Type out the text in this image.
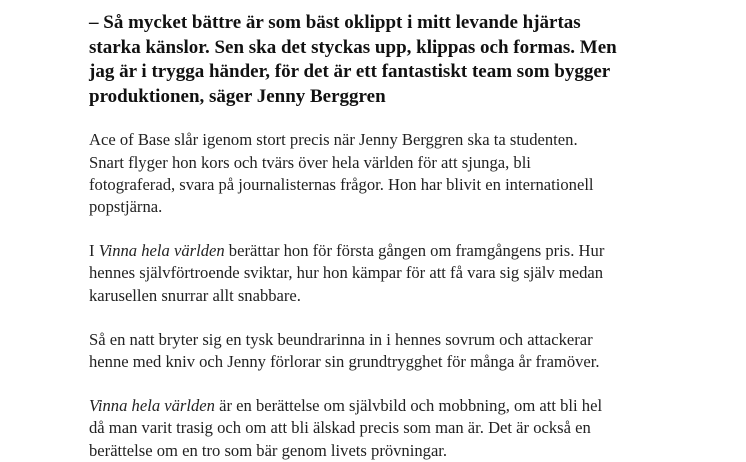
– Så mycket bättre är som bäst oklippt i mitt levande hjärtas
starka känslor. Sen ska det styckas upp, klippas och formas. Men
jag är i trygga händer, för det är ett fantastiskt team som bygger
produktionen, säger Jenny Berggren

Ace of Base slår igenom stort precis när Jenny Berggren ska ta studenten.
Snart flyger hon kors och tvärs över hela världen för att sjunga, bli
fotograferad, svara på journalisternas frågor. Hon har blivit en internationell
popstjärna.

I Vinna hela världen berättar hon för första gången om framgångens pris. Hur
hennes självförtroende sviktar, hur hon kämpar för att få vara sig själv medan
karusellen snurrar allt snabbare.

Så en natt bryter sig en tysk beundrarinna in i hennes sovrum och attackerar
henne med kniv och Jenny förlorar sin grundtrygghet för många år framöver.

Vinna hela världen är en berättelse om självbild och mobbning, om att bli hel
då man varit trasig och om att bli älskad precis som man är. Det är också en
berättelse om en tro som bär genom livets prövningar.
